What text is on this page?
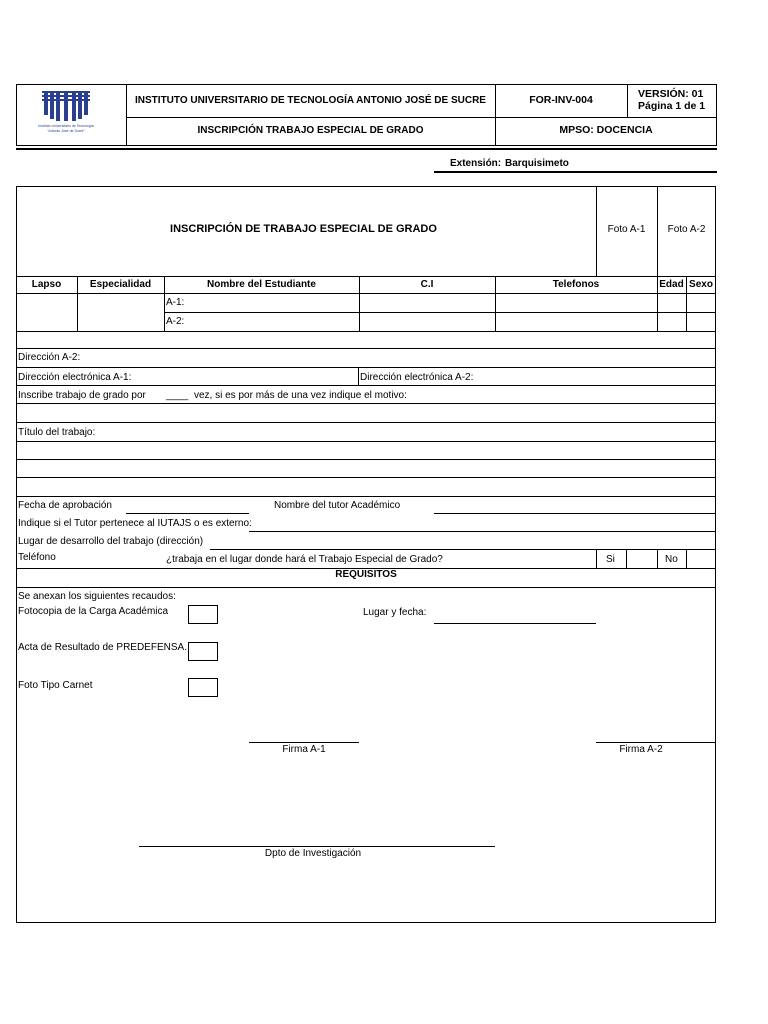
Instituto Universitario de Tecnología
"Antonio José de Sucre"
INSTITUTO UNIVERSITARIO DE TECNOLOGÍA ANTONIO JOSÉ DE SUCRE	FOR-INV-004	VERSIÓN: 01
Página 1 de 1
INSCRIPCIÓN TRABAJO ESPECIAL DE GRADO	MPSO: DOCENCIA
Extensión: Barquisimeto
INSCRIPCIÓN DE TRABAJO ESPECIAL DE GRADO	Foto A-1	Foto A-2
Lapso	Especialidad	Nombre del Estudiante	C.I	Telefonos	Edad Sexo
A-1:
A-2:
Dirección A-2:
Dirección electrónica A-1:	Dirección electrónica A-2:
Inscribe trabajo de grado por ____ vez, si es por más de una vez indique el motivo:
Título del trabajo:
Fecha de aprobación	Nombre del tutor Académico
Indique si el Tutor pertenece al IUTAJS o es externo:
Lugar de desarrollo del trabajo (dirección)
Teléfono	¿trabaja en el lugar donde hará el Trabajo Especial de Grado?	Si	No
REQUISITOS
Se anexan los siguientes recaudos:
Fotocopia de la Carga Académica	Lugar y fecha:
Acta de Resultado de PREDEFENSA.
Foto Tipo Carnet
Firma A-1	Firma A-2
Dpto de Investigación
